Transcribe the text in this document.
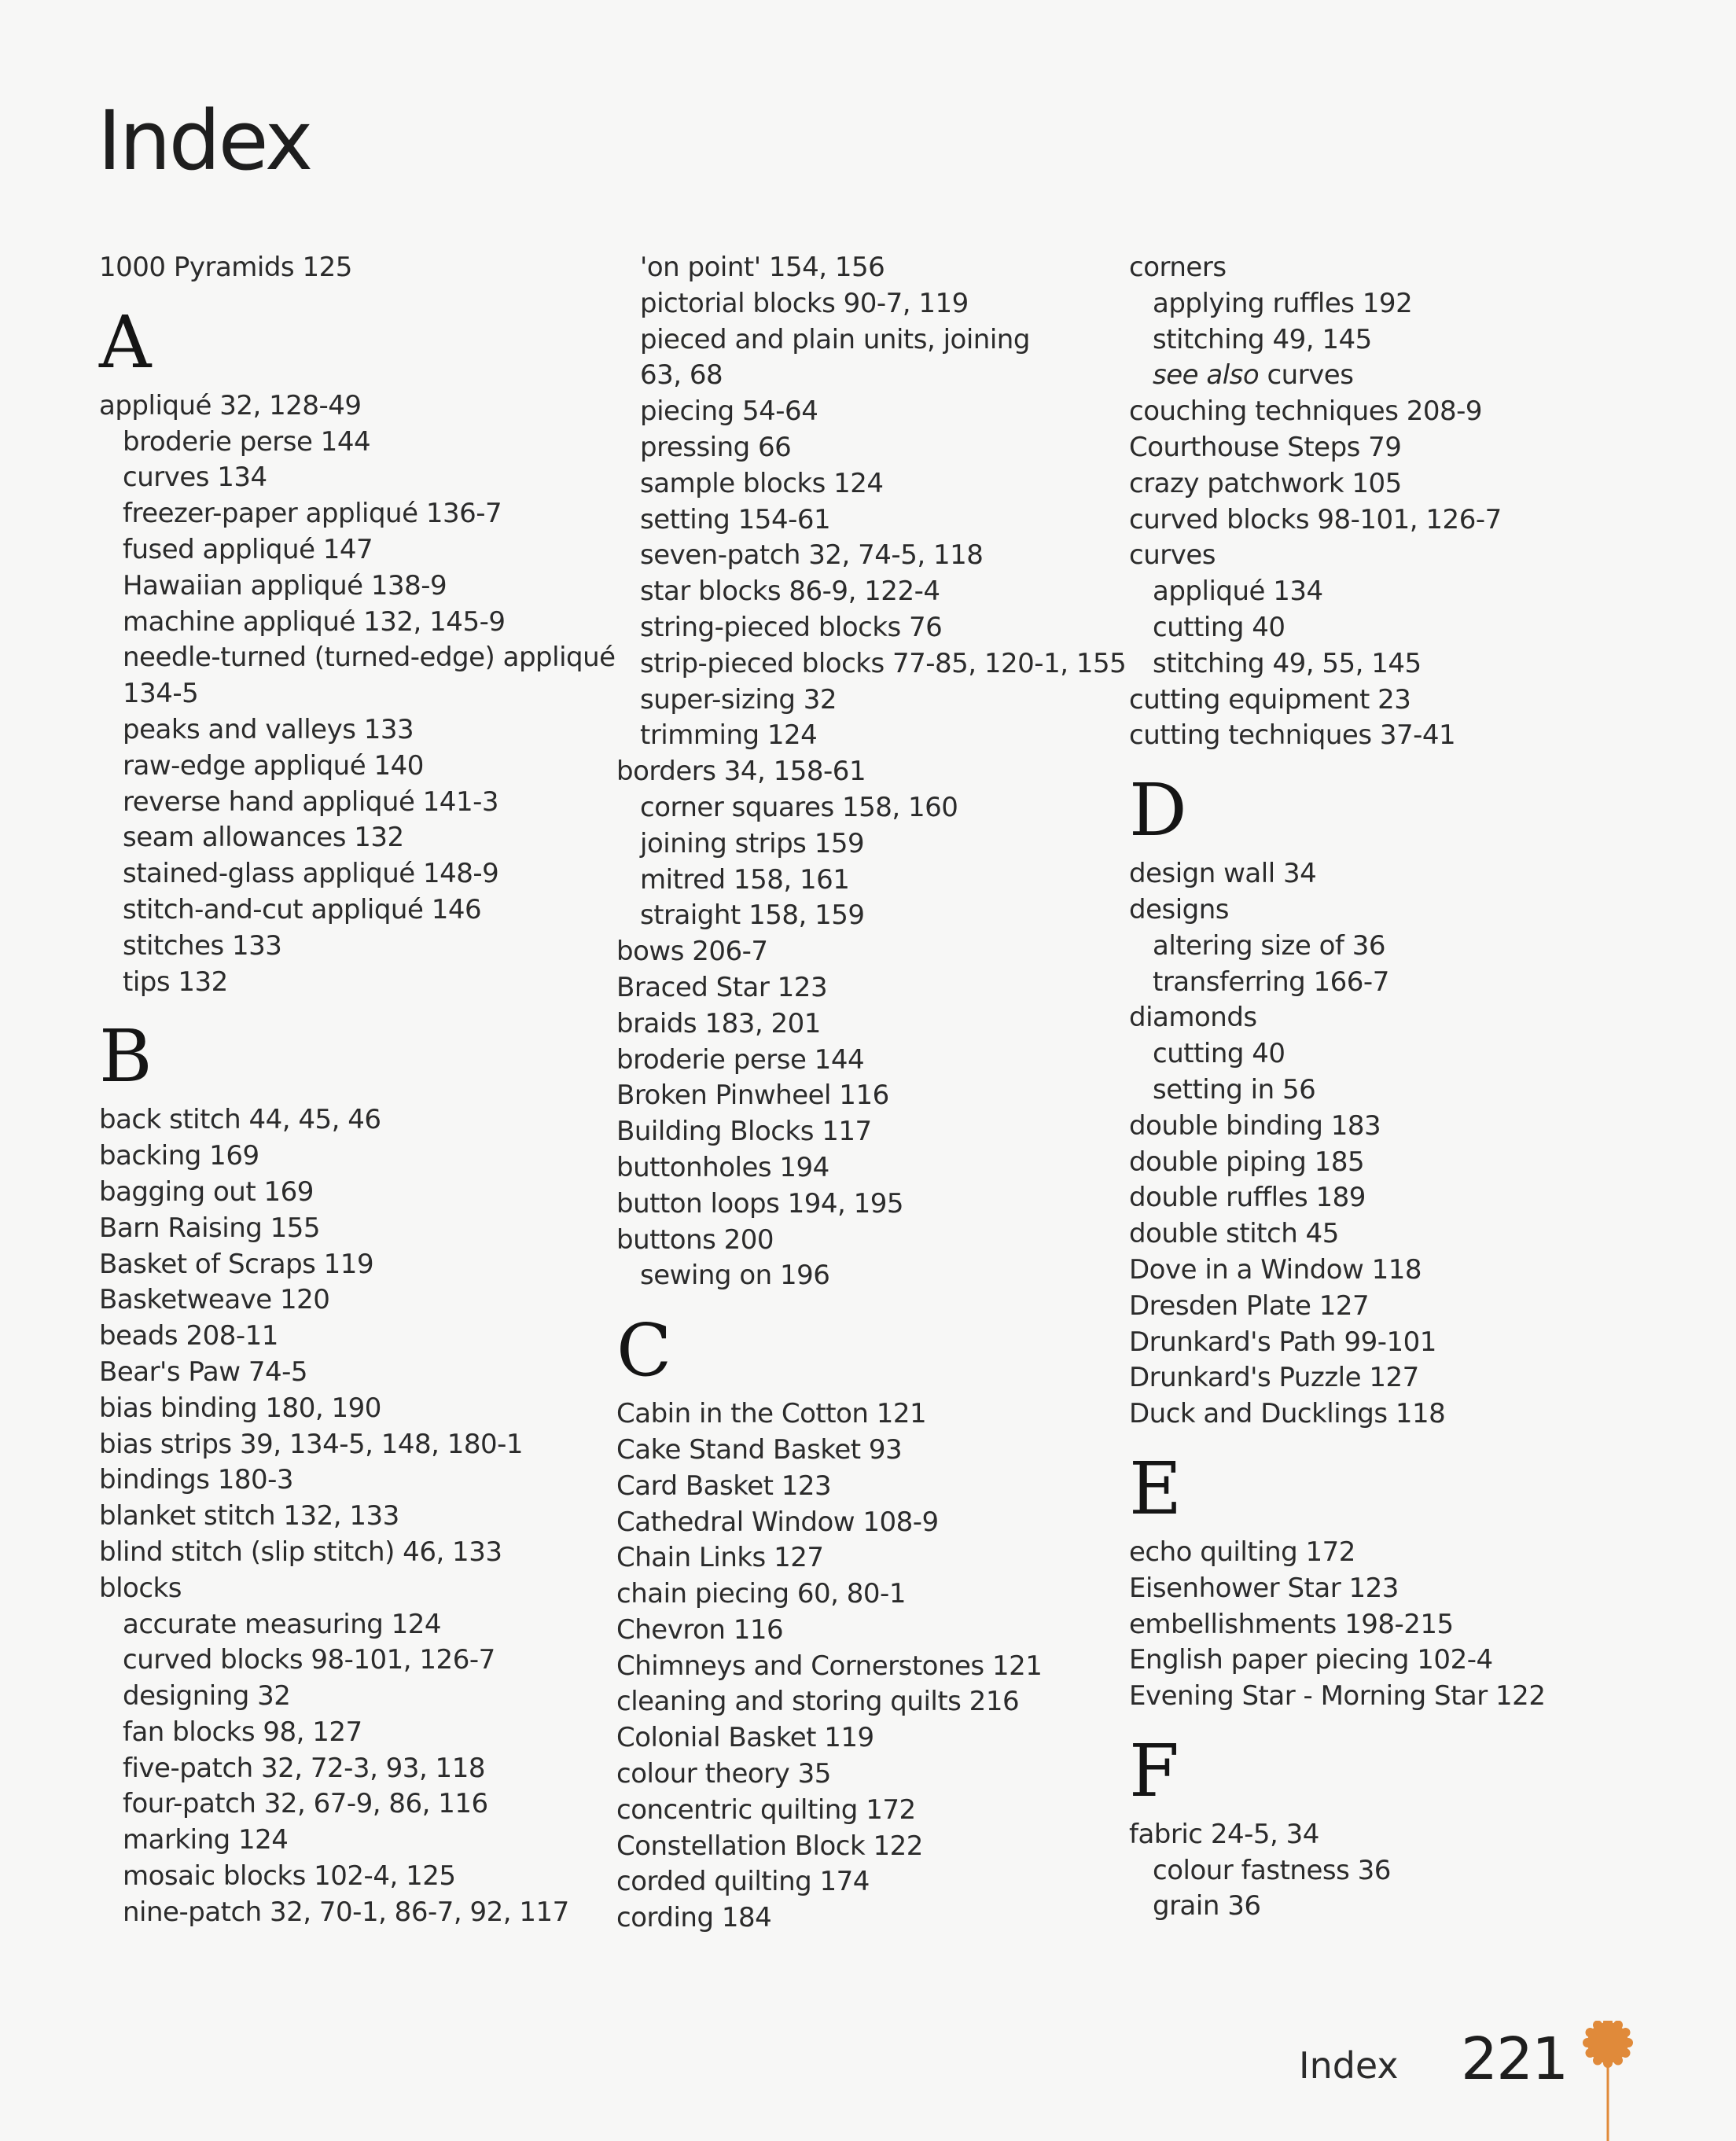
Index
1000 Pyramids 125
A
appliqué 32, 128-49
broderie perse 144
curves 134
freezer-paper appliqué 136-7
fused appliqué 147
Hawaiian appliqué 138-9
machine appliqué 132, 145-9
needle-turned (turned-edge) appliqué
134-5
peaks and valleys 133
raw-edge appliqué 140
reverse hand appliqué 141-3
seam allowances 132
stained-glass appliqué 148-9
stitch-and-cut appliqué 146
stitches 133
tips 132
B
back stitch 44, 45, 46
backing 169
bagging out 169
Barn Raising 155
Basket of Scraps 119
Basketweave 120
beads 208-11
Bear's Paw 74-5
bias binding 180, 190
bias strips 39, 134-5, 148, 180-1
bindings 180-3
blanket stitch 132, 133
blind stitch (slip stitch) 46, 133
blocks
accurate measuring 124
curved blocks 98-101, 126-7
designing 32
fan blocks 98, 127
five-patch 32, 72-3, 93, 118
four-patch 32, 67-9, 86, 116
marking 124
mosaic blocks 102-4, 125
nine-patch 32, 70-1, 86-7, 92, 117
'on point' 154, 156
pictorial blocks 90-7, 119
pieced and plain units, joining
63, 68
piecing 54-64
pressing 66
sample blocks 124
setting 154-61
seven-patch 32, 74-5, 118
star blocks 86-9, 122-4
string-pieced blocks 76
strip-pieced blocks 77-85, 120-1, 155
super-sizing 32
trimming 124
borders 34, 158-61
corner squares 158, 160
joining strips 159
mitred 158, 161
straight 158, 159
bows 206-7
Braced Star 123
braids 183, 201
broderie perse 144
Broken Pinwheel 116
Building Blocks 117
buttonholes 194
button loops 194, 195
buttons 200
sewing on 196
C
Cabin in the Cotton 121
Cake Stand Basket 93
Card Basket 123
Cathedral Window 108-9
Chain Links 127
chain piecing 60, 80-1
Chevron 116
Chimneys and Cornerstones 121
cleaning and storing quilts 216
Colonial Basket 119
colour theory 35
concentric quilting 172
Constellation Block 122
corded quilting 174
cording 184
corners
applying ruffles 192
stitching 49, 145
see also curves
couching techniques 208-9
Courthouse Steps 79
crazy patchwork 105
curved blocks 98-101, 126-7
curves
appliqué 134
cutting 40
stitching 49, 55, 145
cutting equipment 23
cutting techniques 37-41
D
design wall 34
designs
altering size of 36
transferring 166-7
diamonds
cutting 40
setting in 56
double binding 183
double piping 185
double ruffles 189
double stitch 45
Dove in a Window 118
Dresden Plate 127
Drunkard's Path 99-101
Drunkard's Puzzle 127
Duck and Ducklings 118
E
echo quilting 172
Eisenhower Star 123
embellishments 198-215
English paper piecing 102-4
Evening Star - Morning Star 122
F
fabric 24-5, 34
colour fastness 36
grain 36
Index 221
